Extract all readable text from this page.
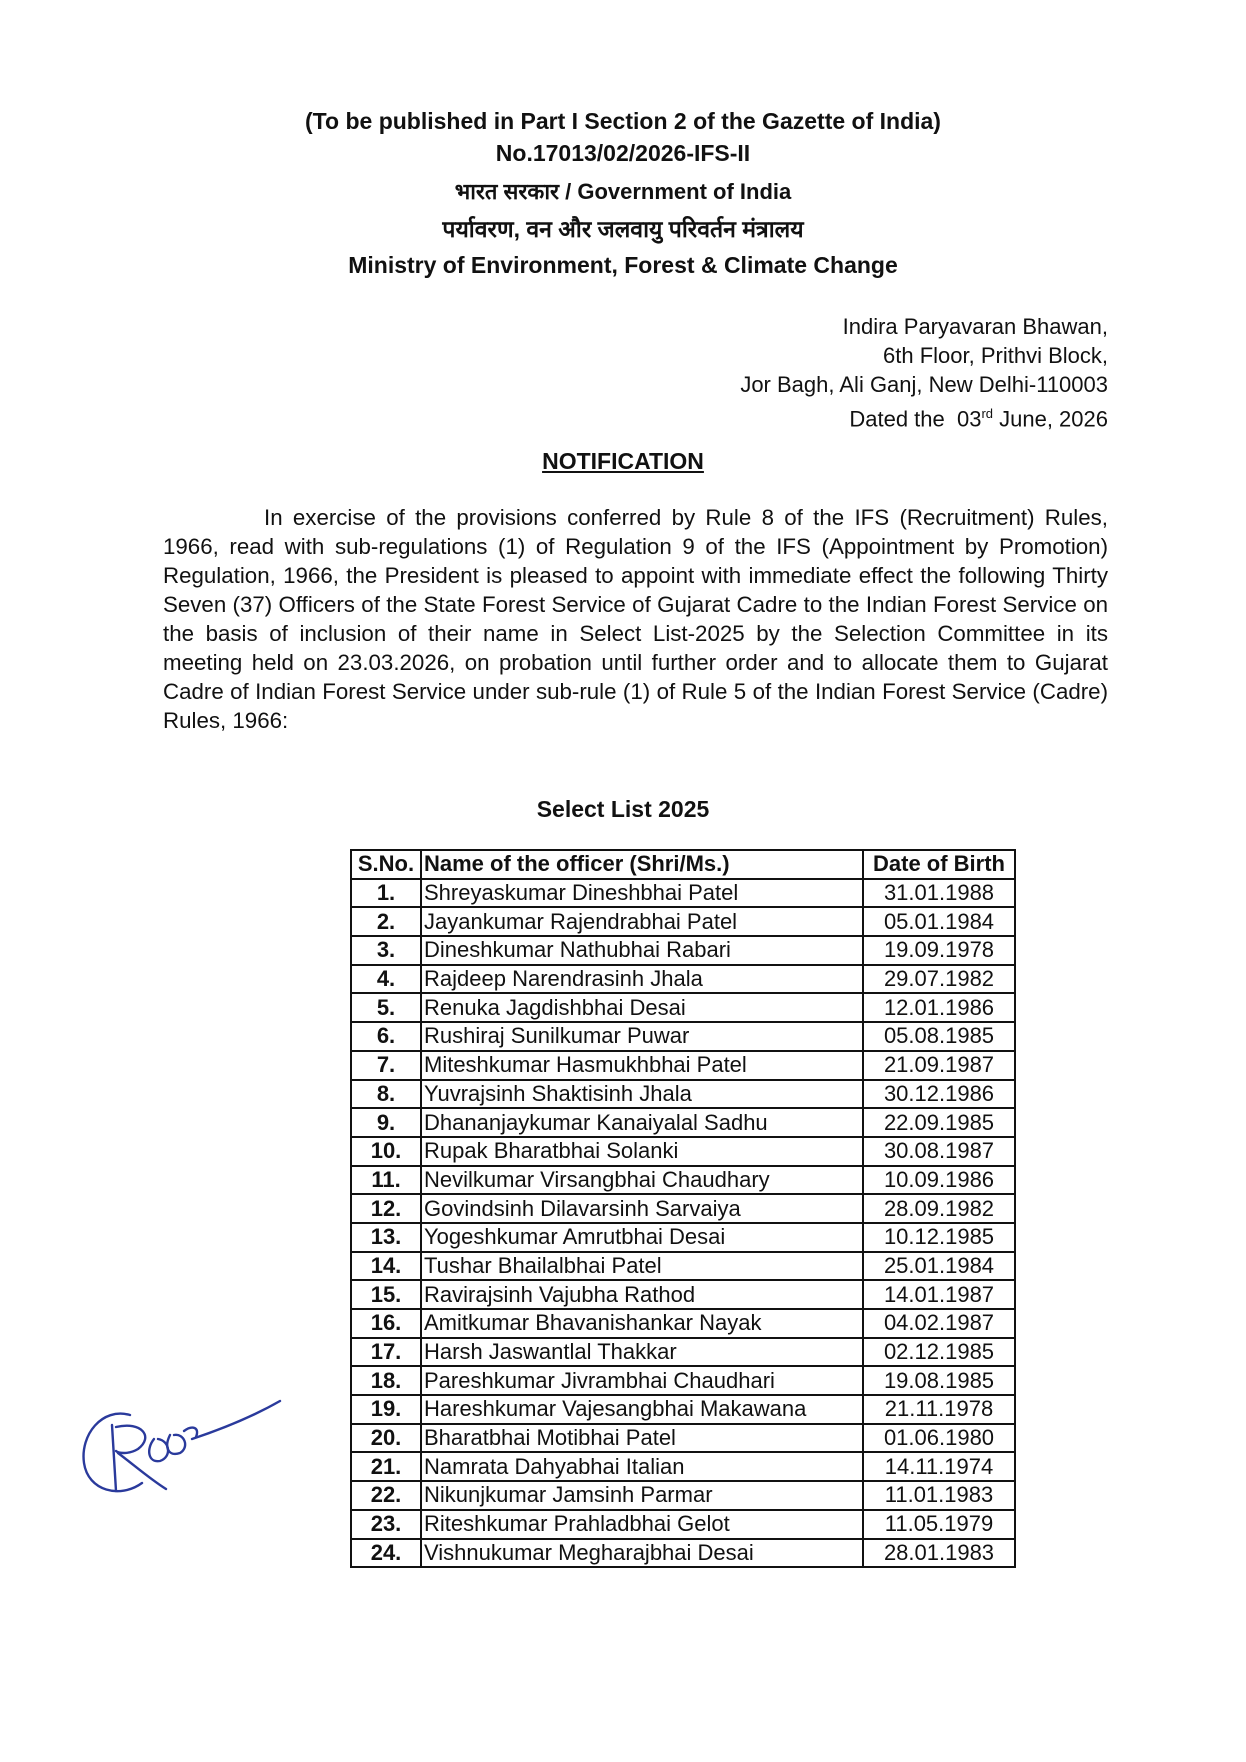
(To be published in Part I Section 2 of the Gazette of India)
No.17013/02/2026-IFS-II
भारत सरकार / Government of India
पर्यावरण, वन और जलवायु परिवर्तन मंत्रालय
Ministry of Environment, Forest & Climate Change
Indira Paryavaran Bhawan,
6th Floor, Prithvi Block,
Jor Bagh, Ali Ganj, New Delhi-110003
Dated the  03rd June, 2026
NOTIFICATION

In exercise of the provisions conferred by Rule 8 of the IFS (Recruitment) Rules, 1966, read with sub-regulations (1) of Regulation 9 of the IFS (Appointment by Promotion) Regulation, 1966, the President is pleased to appoint with immediate effect the following Thirty Seven (37) Officers of the State Forest Service of Gujarat Cadre to the Indian Forest Service on the basis of inclusion of their name in Select List-2025 by the Selection Committee in its meeting held on 23.03.2026, on probation until further order and to allocate them to Gujarat Cadre of Indian Forest Service under sub-rule (1) of Rule 5 of the Indian Forest Service (Cadre) Rules, 1966:

Select List 2025
S.No.	Name of the officer (Shri/Ms.)	Date of Birth
1.	Shreyaskumar Dineshbhai Patel	31.01.1988
2.	Jayankumar Rajendrabhai Patel	05.01.1984
3.	Dineshkumar Nathubhai Rabari	19.09.1978
4.	Rajdeep Narendrasinh Jhala	29.07.1982
5.	Renuka Jagdishbhai Desai	12.01.1986
6.	Rushiraj Sunilkumar Puwar	05.08.1985
7.	Miteshkumar Hasmukhbhai Patel	21.09.1987
8.	Yuvrajsinh Shaktisinh Jhala	30.12.1986
9.	Dhananjaykumar Kanaiyalal Sadhu	22.09.1985
10.	Rupak Bharatbhai Solanki	30.08.1987
11.	Nevilkumar Virsangbhai Chaudhary	10.09.1986
12.	Govindsinh Dilavarsinh Sarvaiya	28.09.1982
13.	Yogeshkumar Amrutbhai Desai	10.12.1985
14.	Tushar Bhailalbhai Patel	25.01.1984
15.	Ravirajsinh Vajubha Rathod	14.01.1987
16.	Amitkumar Bhavanishankar Nayak	04.02.1987
17.	Harsh Jaswantlal Thakkar	02.12.1985
18.	Pareshkumar Jivrambhai Chaudhari	19.08.1985
19.	Hareshkumar Vajesangbhai Makawana	21.11.1978
20.	Bharatbhai Motibhai Patel	01.06.1980
21.	Namrata Dahyabhai Italian	14.11.1974
22.	Nikunjkumar Jamsinh Parmar	11.01.1983
23.	Riteshkumar Prahladbhai Gelot	11.05.1979
24.	Vishnukumar Megharajbhai Desai	28.01.1983
